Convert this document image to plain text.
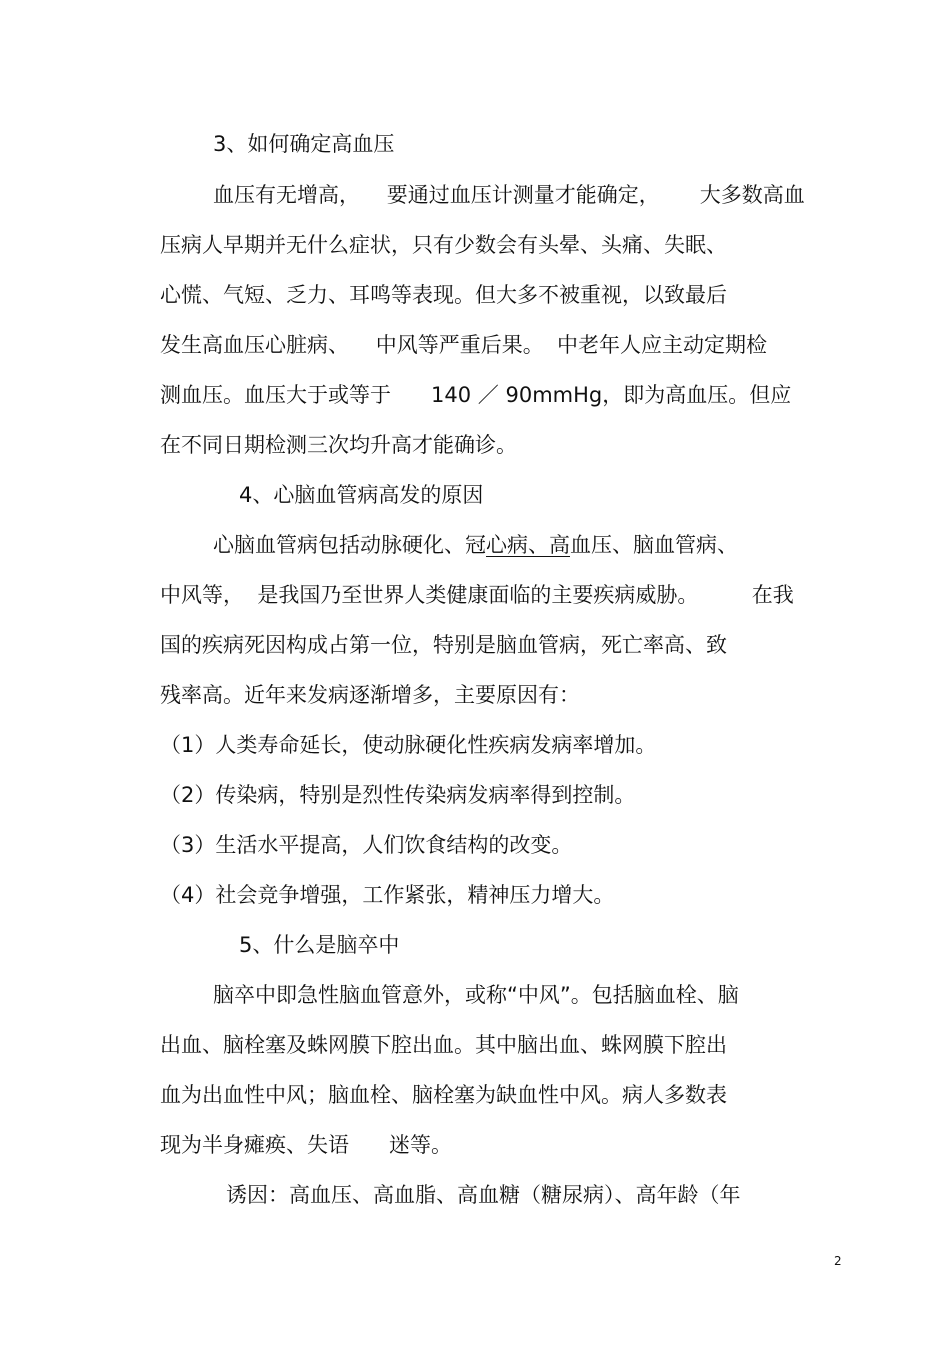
3、如何确定高血压

血压有无增高，    要通过血压计测量才能确定，      大多数高血

压病人早期并无什么症状，只有少数会有头晕、头痛、失眠、

心慌、气短、乏力、耳鸣等表现。但大多不被重视，以致最后

发生高血压心脏病、    中风等严重后果。  中老年人应主动定期检

测血压。血压大于或等于      140 ／ 90mmHg，即为高血压。但应

在不同日期检测三次均升高才能确诊。

4、心脑血管病高发的原因

心脑血管病包括动脉硬化、冠心病、高血压、脑血管病、

中风等，  是我国乃至世界人类健康面临的主要疾病威胁。        在我

国的疾病死因构成占第一位，特别是脑血管病，死亡率高、致

残率高。近年来发病逐渐增多，主要原因有：

（1）人类寿命延长，使动脉硬化性疾病发病率增加。

（2）传染病，特别是烈性传染病发病率得到控制。

（3）生活水平提高，人们饮食结构的改变。

（4）社会竞争增强，工作紧张，精神压力增大。

5、什么是脑卒中

脑卒中即急性脑血管意外，或称“中风”。包括脑血栓、脑

出血、脑栓塞及蛛网膜下腔出血。其中脑出血、蛛网膜下腔出

血为出血性中风；脑血栓、脑栓塞为缺血性中风。病人多数表

现为半身瘫痪、失语      迷等。

诱因：高血压、高血脂、高血糖（糖尿病）、高年龄（年

2
